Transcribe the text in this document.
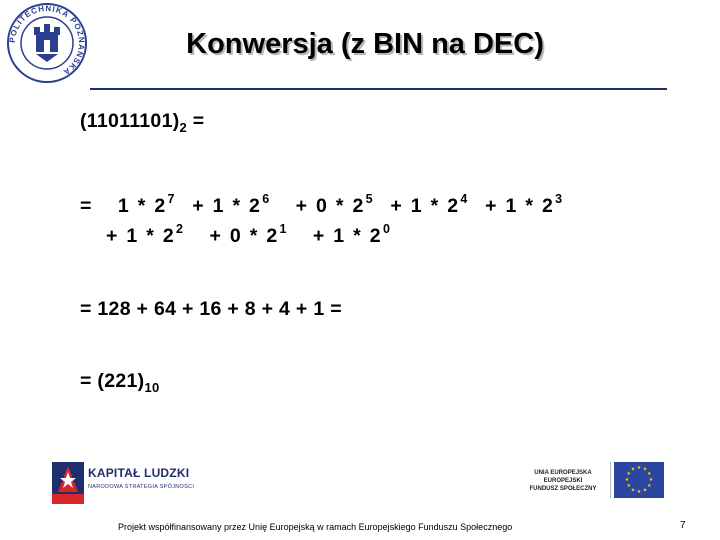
POLITECHNIKA POZNAŃSKA
Konwersja (z BIN na DEC)
$(11011101)_2$ =
= 1 * 2 $^7$ + 1 * 2 $^6$ + 0 * 2 $^5$ + 1 * 2 $^4$ + 1 * 2 $^3$
+ 1 * 2 $^2$ + 0 * 2 $^1$ + 1 * 2 $^0$
= 128 + 64 + 16 + 8 + 4 + 1 =
= $(221)_{10}$
KAPITAŁ LUDZKI
NARODOWA STRATEGIA SPÓJNOŚCI
UNIA EUROPEJSKA
EUROPEJSKI
FUNDUSZ SPOŁECZNY
★ ★
★
★
★
★
★
★
★
★
★
★
Projekt współfinansowany przez Unię Europejską w ramach Europejskiego Funduszu Społecznego	7
